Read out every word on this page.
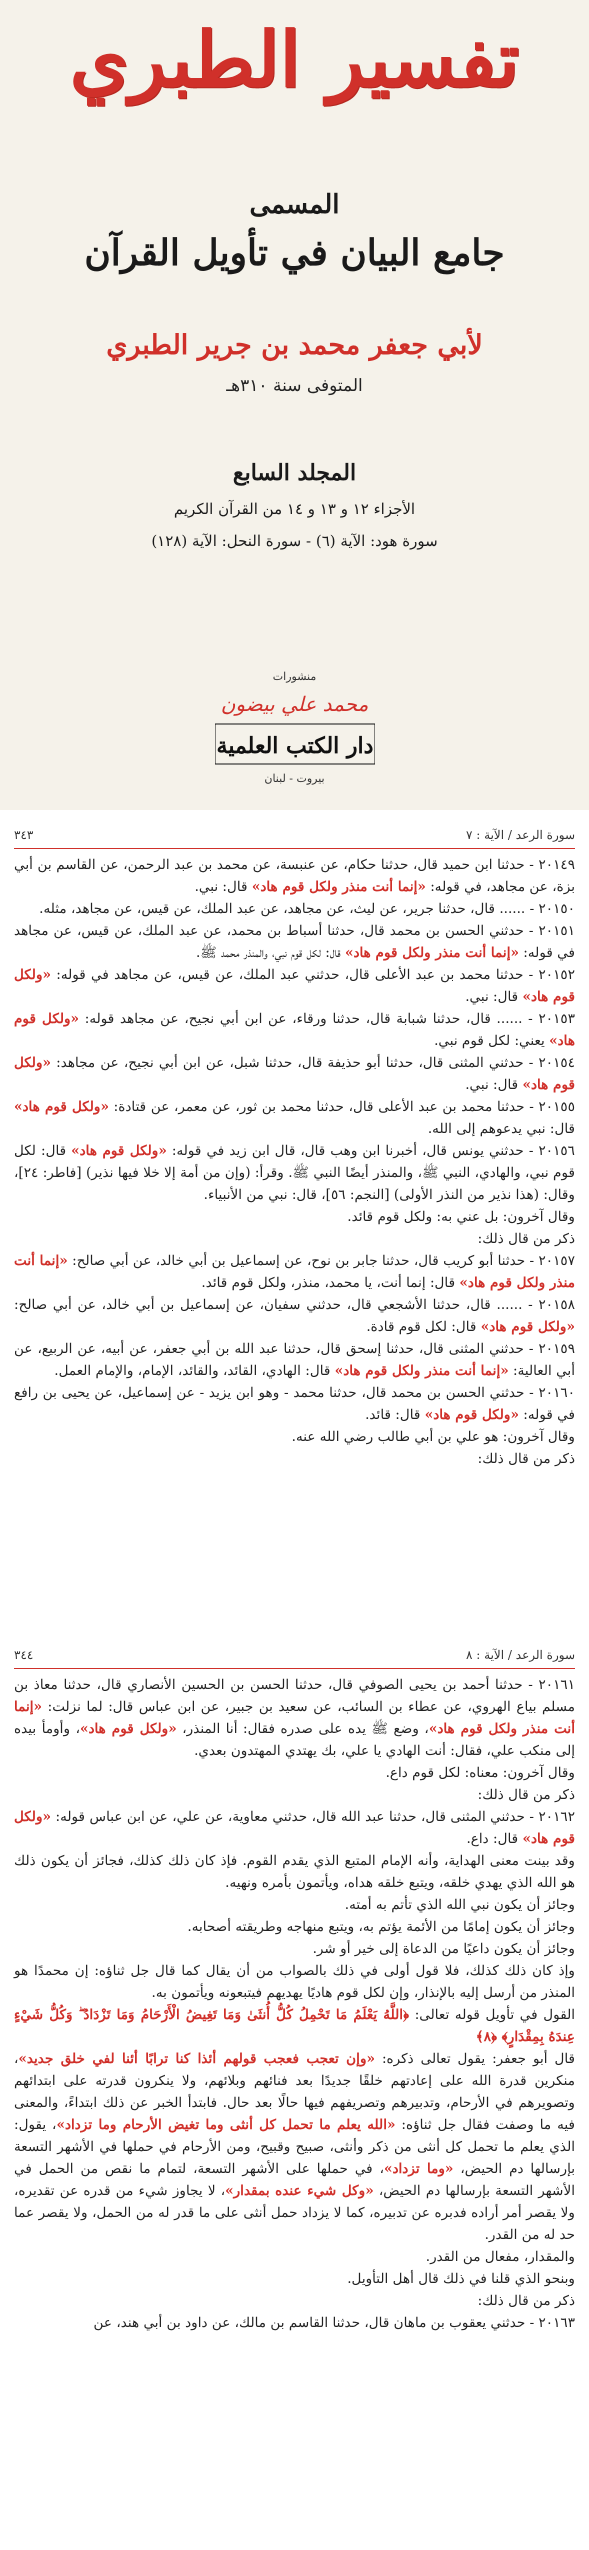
تفسير الطبري
المسمى
جامع البيان في تأويل القرآن
لأبي جعفر محمد بن جرير الطبري
المتوفى سنة ٣١٠هـ
المجلد السابع
الأجزاء ١٢ و ١٣ و ١٤ من القرآن الكريم
سورة هود: الآية (٦) - سورة النحل: الآية (١٢٨)
منشورات
محمد علي بيضون
دار الكتب العلمية
بيروت - لبنان
سورة الرعد / الآية : ٧
٣٤٣

٢٠١٤٩ - حدثنا ابن حميد قال، حدثنا حكام، عن عنبسة، عن محمد بن عبد الرحمن، عن القاسم بن أبي بزة، عن مجاهد، في قوله: «إنما أنت منذر ولكل قوم هاد» قال: نبي.

٢٠١٥٠ - ...... قال، حدثنا جرير، عن ليث، عن مجاهد، عن عبد الملك، عن قيس، عن مجاهد، مثله.

٢٠١٥١ - حدثني الحسن بن محمد قال، حدثنا أسباط بن محمد، عن عبد الملك، عن قيس، عن مجاهد في قوله: «إنما أنت منذر ولكل قوم هاد» قال: لكل قوم نبي، والمنذر محمد ﷺ.

٢٠١٥٢ - حدثنا محمد بن عبد الأعلى قال، حدثني عبد الملك، عن قيس، عن مجاهد في قوله: «ولكل قوم هاد» قال: نبي.

٢٠١٥٣ - ...... قال، حدثنا شبابة قال، حدثنا ورقاء، عن ابن أبي نجيح، عن مجاهد قوله: «ولكل قوم هاد» يعني: لكل قوم نبي.

٢٠١٥٤ - حدثني المثنى قال، حدثنا أبو حذيفة قال، حدثنا شبل، عن ابن أبي نجيح، عن مجاهد: «ولكل قوم هاد» قال: نبي.

٢٠١٥٥ - حدثنا محمد بن عبد الأعلى قال، حدثنا محمد بن ثور، عن معمر، عن قتادة: «ولكل قوم هاد» قال: نبي يدعوهم إلى الله.

٢٠١٥٦ - حدثني يونس قال، أخبرنا ابن وهب قال، قال ابن زيد في قوله: «ولكل قوم هاد» قال: لكل قوم نبي، والهادي، النبي ﷺ، والمنذر أيضًا النبي ﷺ. وقرأ: (وإن من أمة إلا خلا فيها نذير) [فاطر: ٢٤]، وقال: (هذا نذير من النذر الأولى) [النجم: ٥٦]، قال: نبي من الأنبياء.

وقال آخرون: بل عني به: ولكل قوم قائد.

ذكر من قال ذلك:

٢٠١٥٧ - حدثنا أبو كريب قال، حدثنا جابر بن نوح، عن إسماعيل بن أبي خالد، عن أبي صالح: «إنما أنت منذر ولكل قوم هاد» قال: إنما أنت، يا محمد، منذر، ولكل قوم قائد.

٢٠١٥٨ - ...... قال، حدثنا الأشجعي قال، حدثني سفيان، عن إسماعيل بن أبي خالد، عن أبي صالح: «ولكل قوم هاد» قال: لكل قوم قادة.

٢٠١٥٩ - حدثني المثنى قال، حدثنا إسحق قال، حدثنا عبد الله بن أبي جعفر، عن أبيه، عن الربيع، عن أبي العالية: «إنما أنت منذر ولكل قوم هاد» قال: الهادي، القائد، والقائد، الإمام، والإمام العمل.

٢٠١٦٠ - حدثني الحسن بن محمد قال، حدثنا محمد - وهو ابن يزيد - عن إسماعيل، عن يحيى بن رافع في قوله: «ولكل قوم هاد» قال: قائد.

وقال آخرون: هو علي بن أبي طالب رضي الله عنه.

ذكر من قال ذلك:

سورة الرعد / الآية : ٨
٣٤٤

٢٠١٦١ - حدثنا أحمد بن يحيى الصوفي قال، حدثنا الحسن بن الحسين الأنصاري قال، حدثنا معاذ بن مسلم بياع الهروي، عن عطاء بن السائب، عن سعيد بن جبير، عن ابن عباس قال: لما نزلت: «إنما أنت منذر ولكل قوم هاد»، وضع ﷺ يده على صدره فقال: أنا المنذر، «ولكل قوم هاد»، وأومأ بيده إلى منكب علي، فقال: أنت الهادي يا علي، بك يهتدي المهتدون بعدي.

وقال آخرون: معناه: لكل قوم داع.

ذكر من قال ذلك:

٢٠١٦٢ - حدثني المثنى قال، حدثنا عبد الله قال، حدثني معاوية، عن علي، عن ابن عباس قوله: «ولكل قوم هاد» قال: داع.

وقد بينت معنى الهداية، وأنه الإمام المتبع الذي يقدم القوم. فإذ كان ذلك كذلك، فجائز أن يكون ذلك هو الله الذي يهدي خلقه، ويتبع خلقه هداه، ويأتمون بأمره ونهيه.

وجائز أن يكون نبي الله الذي تأتم به أمته.

وجائز أن يكون إمامًا من الأئمة يؤتم به، ويتبع منهاجه وطريقته أصحابه.

وجائز أن يكون داعيًا من الدعاة إلى خير أو شر.

وإذ كان ذلك كذلك، فلا قول أولى في ذلك بالصواب من أن يقال كما قال جل ثناؤه: إن محمدًا هو المنذر من أرسل إليه بالإنذار، وإن لكل قوم هاديًا يهديهم فيتبعونه ويأتمون به.

القول في تأويل قوله تعالى: ﴿اللَّهُ يَعْلَمُ مَا تَحْمِلُ كُلُّ أُنثَىٰ وَمَا تَغِيضُ الْأَرْحَامُ وَمَا تَزْدَادُ ۖ وَكُلُّ شَيْءٍ عِندَهُ بِمِقْدَارٍ﴾ ﴿٨﴾

قال أبو جعفر: يقول تعالى ذكره: «وإن تعجب فعجب قولهم أئذا كنا ترابًا أئنا لفي خلق جديد»، منكرين قدرة الله على إعادتهم خلقًا جديدًا بعد فنائهم وبلائهم، ولا ينكرون قدرته على ابتدائهم وتصويرهم في الأرحام، وتدبيرهم وتصريفهم فيها حالًا بعد حال. فابتدأ الخبر عن ذلك ابتداءً، والمعنى فيه ما وصفت فقال جل ثناؤه: «الله يعلم ما تحمل كل أنثى وما تغيض الأرحام وما تزداد»، يقول: الذي يعلم ما تحمل كل أنثى من ذكر وأنثى، صبيح وقبيح، ومن الأرحام في حملها في الأشهر التسعة بإرسالها دم الحيض، «وما تزداد»، في حملها على الأشهر التسعة، لتمام ما نقص من الحمل في الأشهر التسعة بإرسالها دم الحيض، «وكل شيء عنده بمقدار»، لا يجاوز شيء من قدره عن تقديره، ولا يقصر أمر أراده فدبره عن تدبيره، كما لا يزداد حمل أنثى على ما قدر له من الحمل، ولا يقصر عما حد له من القدر.

والمقدار، مفعال من القدر.

وبنحو الذي قلنا في ذلك قال أهل التأويل.

ذكر من قال ذلك:

٢٠١٦٣ - حدثني يعقوب بن ماهان قال، حدثنا القاسم بن مالك، عن داود بن أبي هند، عن
